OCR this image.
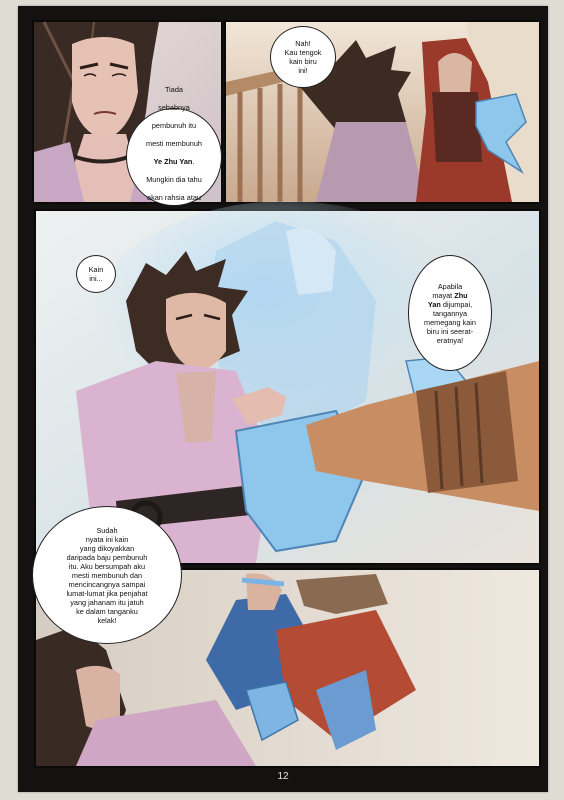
Tiada

sebabnya

pembunuh itu

mesti membunuh

Ye Zhu Yan.

Mungkin dia tahu

akan rahsia atau

Nah!
Kau tengok
kain biru
ini!
Kain
ini...
Apabila
mayat Zhu
Yan dijumpai,
tangannya
memegang kain
biru ini seerat-
eratnya!
Sudah
nyata ini kain
yang dikoyakkan
daripada baju pembunuh
itu. Aku bersumpah aku
mesti membunuh dan
mencincangnya sampai
lumat-lumat jika penjahat
yang jahanam itu jatuh
ke dalam tanganku
kelak!
12
